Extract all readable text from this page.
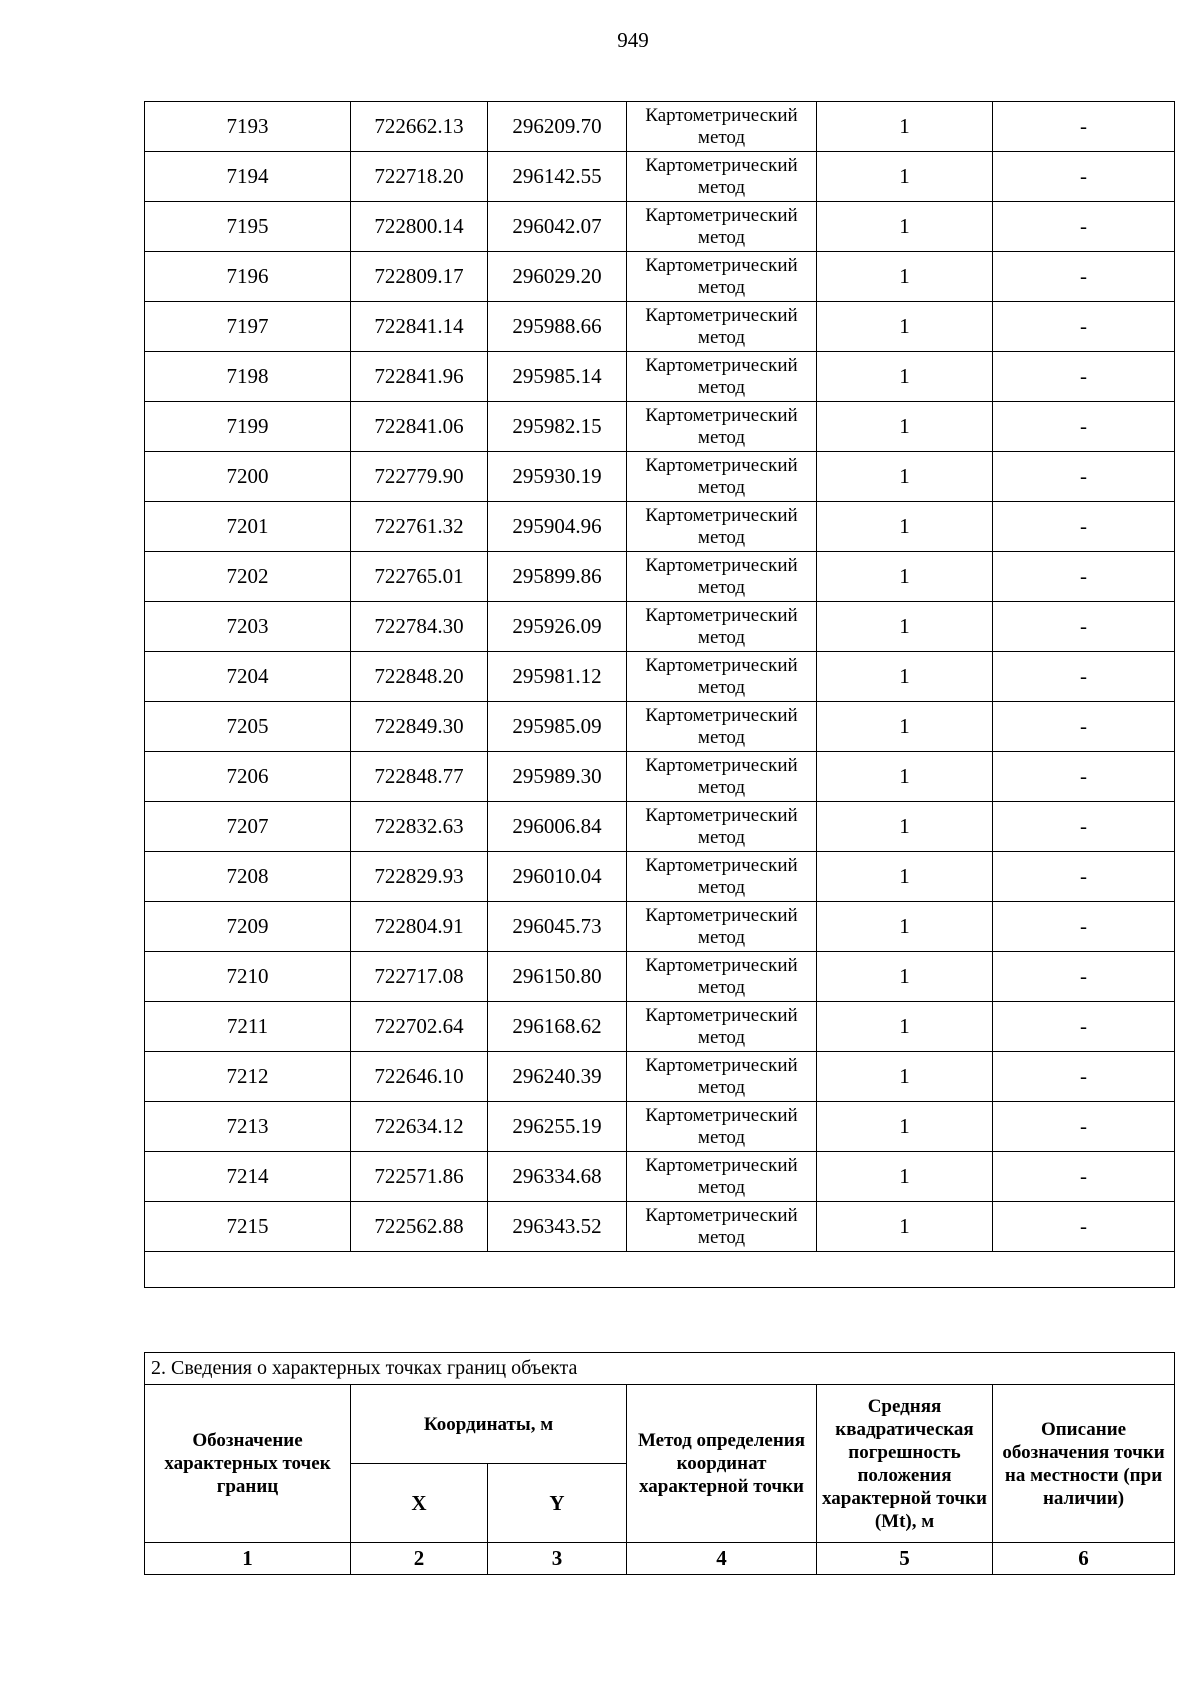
949
7193	722662.13	296209.70	Картометрический метод	1	-
7194	722718.20	296142.55	Картометрический метод	1	-
7195	722800.14	296042.07	Картометрический метод	1	-
7196	722809.17	296029.20	Картометрический метод	1	-
7197	722841.14	295988.66	Картометрический метод	1	-
7198	722841.96	295985.14	Картометрический метод	1	-
7199	722841.06	295982.15	Картометрический метод	1	-
7200	722779.90	295930.19	Картометрический метод	1	-
7201	722761.32	295904.96	Картометрический метод	1	-
7202	722765.01	295899.86	Картометрический метод	1	-
7203	722784.30	295926.09	Картометрический метод	1	-
7204	722848.20	295981.12	Картометрический метод	1	-
7205	722849.30	295985.09	Картометрический метод	1	-
7206	722848.77	295989.30	Картометрический метод	1	-
7207	722832.63	296006.84	Картометрический метод	1	-
7208	722829.93	296010.04	Картометрический метод	1	-
7209	722804.91	296045.73	Картометрический метод	1	-
7210	722717.08	296150.80	Картометрический метод	1	-
7211	722702.64	296168.62	Картометрический метод	1	-
7212	722646.10	296240.39	Картометрический метод	1	-
7213	722634.12	296255.19	Картометрический метод	1	-
7214	722571.86	296334.68	Картометрический метод	1	-
7215	722562.88	296343.52	Картометрический метод	1	-

2. Сведения о характерных точках границ объекта					
Обозначение характерных точек границ	Координаты, м		Метод определения координат характерной точки	Средняя квадратическая погрешность положения характерной точки (Mt), м	Описание обозначения точки на местности (при наличии)
	X	Y			
1	2	3	4	5	6
